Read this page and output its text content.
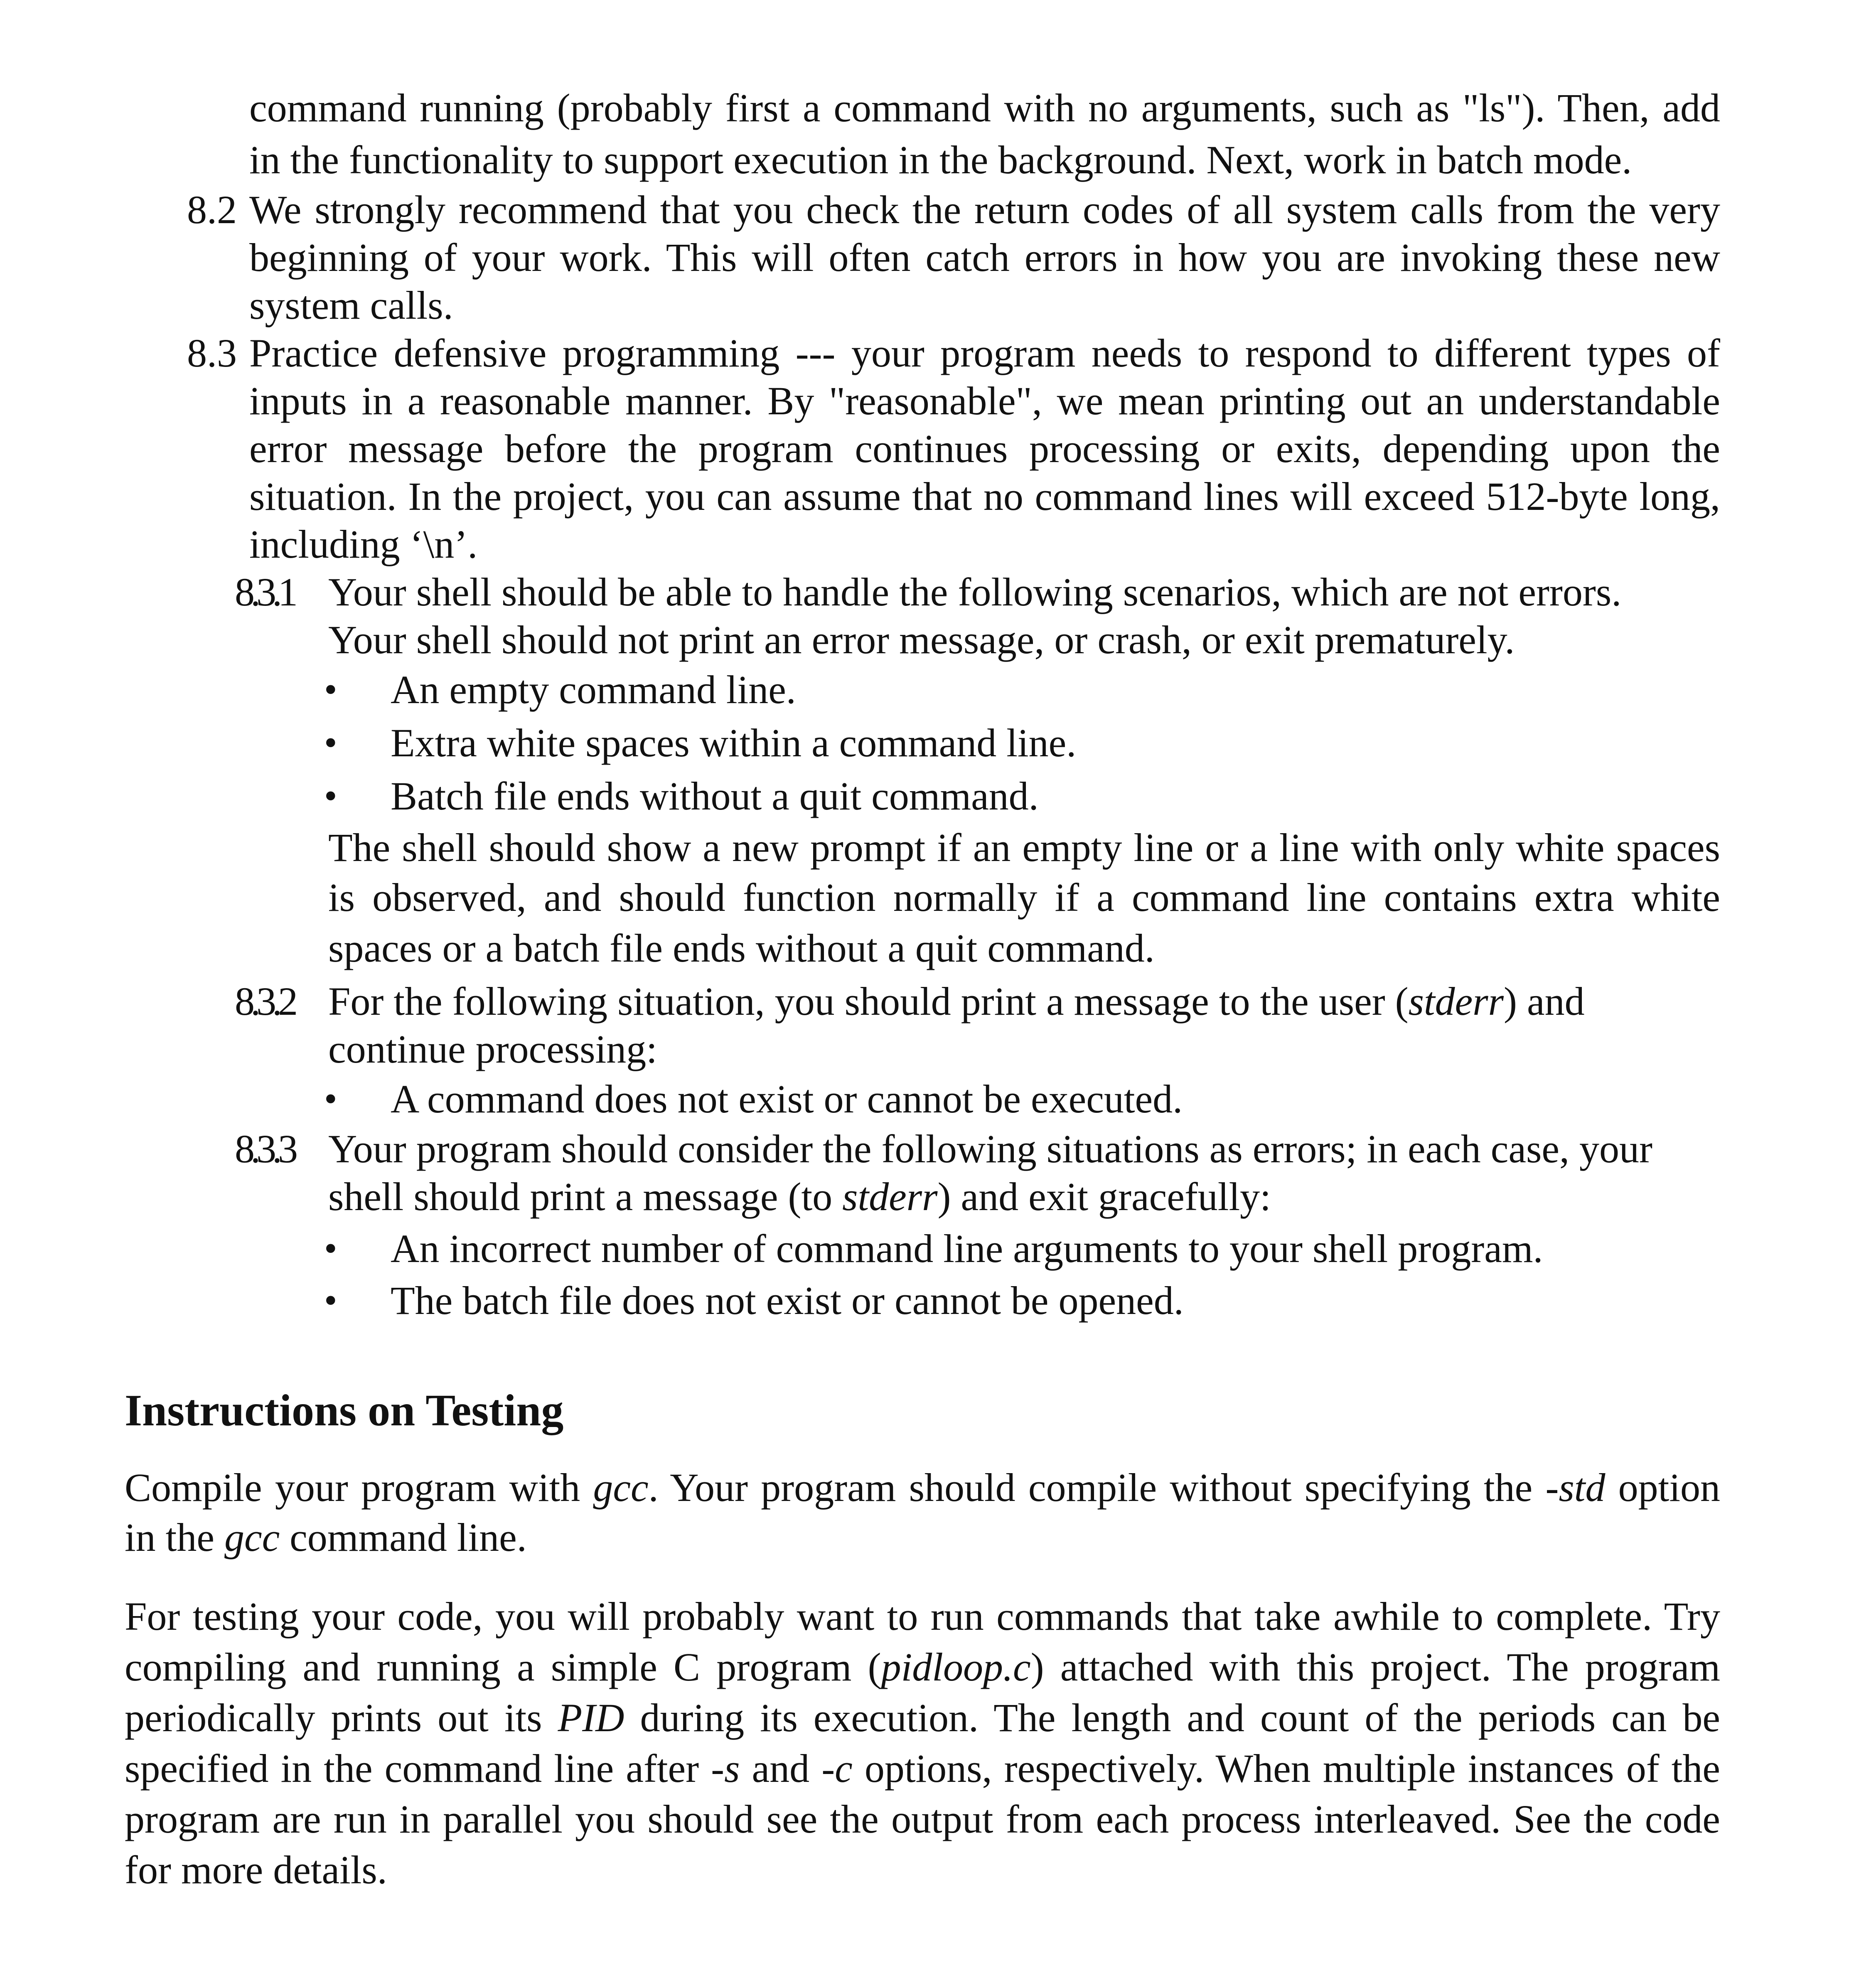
command running (probably first a command with no arguments, such as "ls"). Then, add
in the functionality to support execution in the background. Next, work in batch mode.
8.2 We strongly recommend that you check the return codes of all system calls from the very
beginning of your work. This will often catch errors in how you are invoking these new
system calls.
8.3 Practice defensive programming --- your program needs to respond to different types of
inputs in a reasonable manner. By "reasonable", we mean printing out an understandable
error message before the program continues processing or exits, depending upon the
situation. In the project, you can assume that no command lines will exceed 512-byte long,
including ‘\n’.
8.3.1 Your shell should be able to handle the following scenarios, which are not errors.
Your shell should not print an error message, or crash, or exit prematurely.
• An empty command line.
• Extra white spaces within a command line.
• Batch file ends without a quit command.
The shell should show a new prompt if an empty line or a line with only white spaces
is observed, and should function normally if a command line contains extra white
spaces or a batch file ends without a quit command.
8.3.2 For the following situation, you should print a message to the user (stderr) and
continue processing:
• A command does not exist or cannot be executed.
8.3.3 Your program should consider the following situations as errors; in each case, your
shell should print a message (to stderr) and exit gracefully:
• An incorrect number of command line arguments to your shell program.
• The batch file does not exist or cannot be opened.
Instructions on Testing
Compile your program with gcc. Your program should compile without specifying the -std option
in the gcc command line.
For testing your code, you will probably want to run commands that take awhile to complete. Try
compiling and running a simple C program (pidloop.c) attached with this project. The program
periodically prints out its PID during its execution. The length and count of the periods can be
specified in the command line after -s and -c options, respectively. When multiple instances of the
program are run in parallel you should see the output from each process interleaved. See the code
for more details.
